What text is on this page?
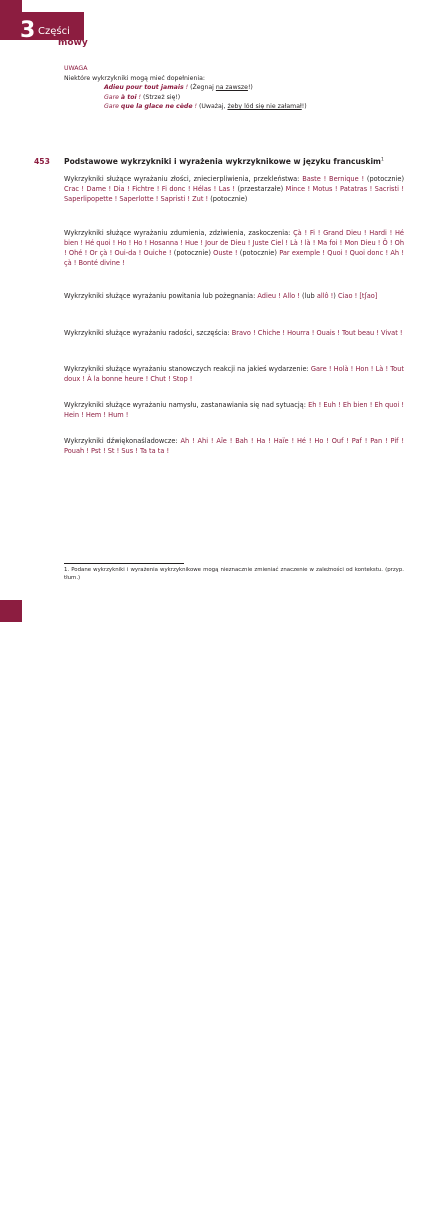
3 Części
mowy
UWAGA
Niektóre wykrzykniki mogą mieć dopełnienia:
Adieu pour tout jamais ! (Żegnaj na zawsze!)
Gare à toi ! (Strzeż się!)
Gare que la glace ne cède ! (Uważaj, żeby lód się nie załamał!)
453 Podstawowe wykrzykniki i wyrażenia wykrzyknikowe w języku francuskim$^1$
Wykrzykniki służące wyrażaniu złości, zniecierpliwienia, przekleństwa: Baste ! Bernique ! (potocznie) Crac ! Dame ! Dia ! Fichtre ! Fi donc ! Hélas ! Las ! (przestarzałe) Mince ! Motus ! Patatras ! Sacristi ! Saperlipopette ! Saperlotte ! Sapristi ! Zut ! (potocznie)
Wykrzykniki służące wyrażaniu zdumienia, zdziwienia, zaskoczenia: Çà ! Fi ! Grand Dieu ! Hardi ! Hé bien ! Hé quoi ! Ho ! Ho ! Hosanna ! Hue ! Jour de Dieu ! Juste Ciel ! Là ! là ! Ma foi ! Mon Dieu ! Ô ! Oh ! Ohé ! Or çà ! Oui-da ! Ouiche ! (potocznie) Ouste ! (potocznie) Par exemple ! Quoi ! Quoi donc ! Ah ! çà ! Bonté divine !
Wykrzykniki służące wyrażaniu powitania lub pożegnania: Adieu ! Allo ! (lub allô !) Ciao ! [tʃao]
Wykrzykniki służące wyrażaniu radości, szczęścia: Bravo ! Chiche ! Hourra ! Ouais ! Tout beau ! Vivat !
Wykrzykniki służące wyrażaniu stanowczych reakcji na jakieś wydarzenie: Gare ! Holà ! Hon ! Là ! Tout doux ! À la bonne heure ! Chut ! Stop !
Wykrzykniki służące wyrażaniu namysłu, zastanawiania się nad sytuacją: Eh ! Euh ! Eh bien ! Eh quoi ! Hein ! Hem ! Hum !
Wykrzykniki dźwiękonaśladowcze: Ah ! Ahi ! Aïe ! Bah ! Ha ! Haïe ! Hé ! Ho ! Ouf ! Paf ! Pan ! Pif ! Pouah ! Pst ! St ! Sus ! Ta ta ta !
1. Podane wykrzykniki i wyrażenia wykrzyknikowe mogą nieznacznie zmieniać znaczenie w zależności od kontekstu. (przyp. tłum.)
252
